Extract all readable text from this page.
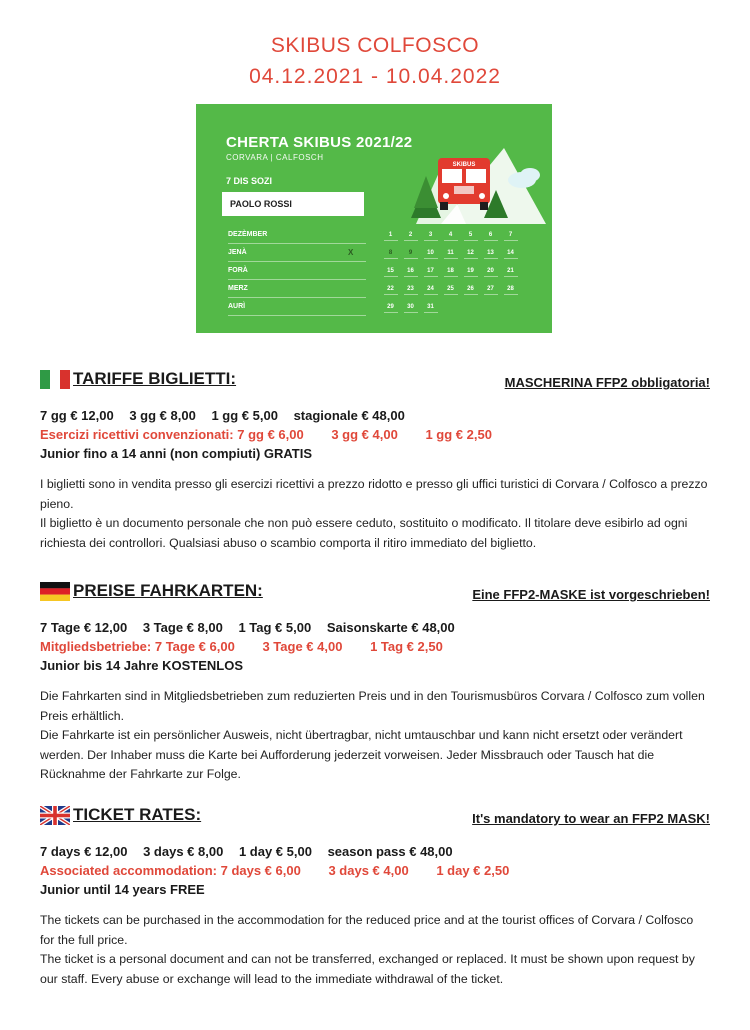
SKIBUS COLFOSCO
04.12.2021 - 10.04.2022
CHERTA SKIBUS 2021/22
CORVARA | CALFOSCH
7 DIS SOZI
PAOLO ROSSI
SKIBUS
DEZÈMBER
JENÀ	X
FORÀ
MERZ
AURÌ
1	2	3	4	5	6	7
8	9	10	11	12	13	14
15	16	17	18	19	20	21
22	23	24	25	26	27	28
29	30	31
TARIFFE BIGLIETTI:	MASCHERINA FFP2 obbligatoria!
7 gg € 12,00 3 gg € 8,00 1 gg € 5,00 stagionale € 48,00
Esercizi ricettivi convenzionati: 7 gg € 6,00 3 gg € 4,00 1 gg € 2,50
Junior fino a 14 anni (non compiuti) GRATIS

I biglietti sono in vendita presso gli esercizi ricettivi a prezzo ridotto e presso gli uffici turistici di Corvara / Colfosco a prezzo pieno.

Il biglietto è un documento personale che non può essere ceduto, sostituito o modificato. Il titolare deve esibirlo ad ogni richiesta dei controllori. Qualsiasi abuso o scambio comporta il ritiro immediato del biglietto.

PREISE FAHRKARTEN:	Eine FFP2-MASKE ist vorgeschrieben!
7 Tage € 12,00 3 Tage € 8,00 1 Tag € 5,00 Saisonskarte € 48,00
Mitgliedsbetriebe: 7 Tage € 6,00 3 Tage € 4,00 1 Tag € 2,50
Junior bis 14 Jahre KOSTENLOS

Die Fahrkarten sind in Mitgliedsbetrieben zum reduzierten Preis und in den Tourismusbüros Corvara / Colfosco zum vollen Preis erhältlich.

Die Fahrkarte ist ein persönlicher Ausweis, nicht übertragbar, nicht umtauschbar und kann nicht ersetzt oder verändert werden. Der Inhaber muss die Karte bei Aufforderung jederzeit vorweisen. Jeder Missbrauch oder Tausch hat die Rücknahme der Fahrkarte zur Folge.

TICKET RATES:	It's mandatory to wear an FFP2 MASK!
7 days € 12,00 3 days € 8,00 1 day € 5,00 season pass € 48,00
Associated accommodation: 7 days € 6,00 3 days € 4,00 1 day € 2,50
Junior until 14 years FREE

The tickets can be purchased in the accommodation for the reduced price and at the tourist offices of Corvara / Colfosco for the full price.

The ticket is a personal document and can not be transferred, exchanged or replaced. It must be shown upon request by our staff. Every abuse or exchange will lead to the immediate withdrawal of the ticket.
